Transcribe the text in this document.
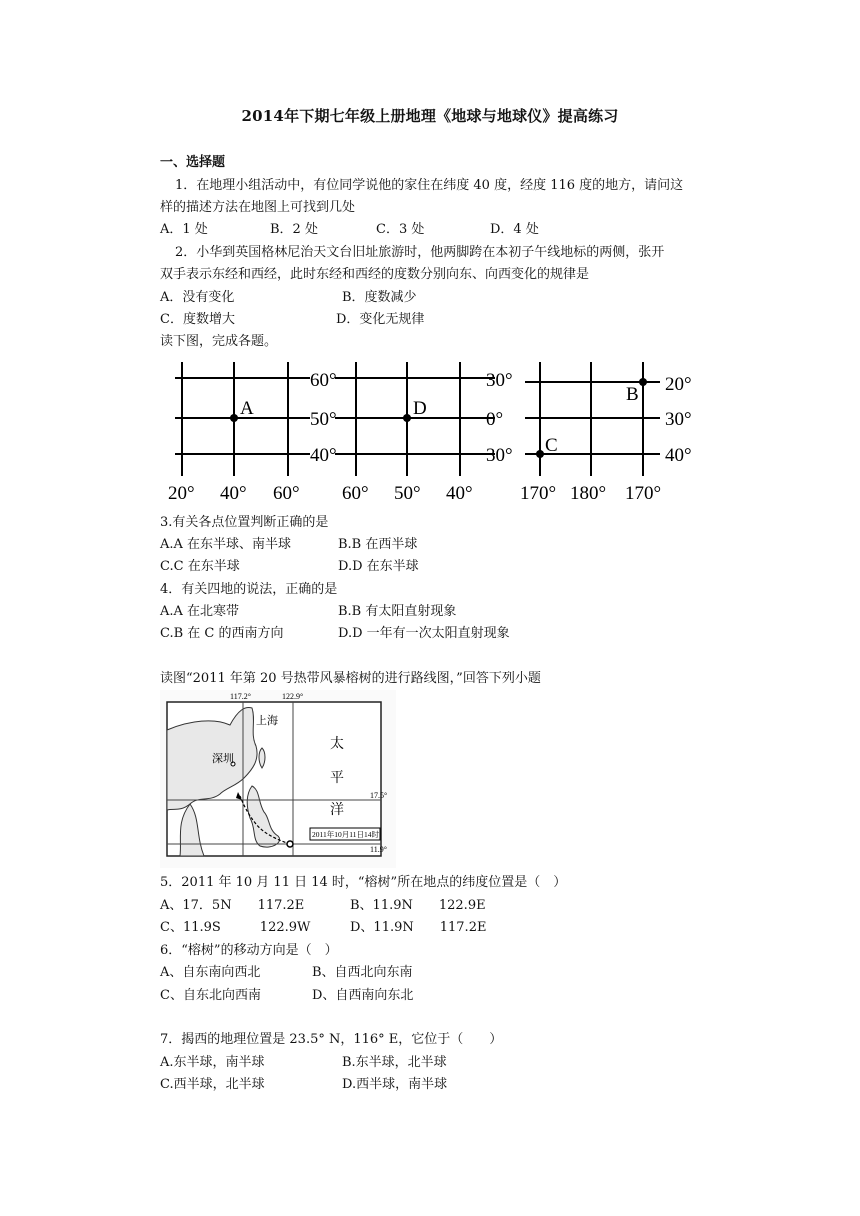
2014年下期七年级上册地理《地球与地球仪》提高练习
一、选择题
1．在地理小组活动中，有位同学说他的家住在纬度 40 度，经度 116 度的地方，请问这
样的描述方法在地图上可找到几处
A．1 处	B．2 处	C．3 处	D．4 处
2．小华到英国格林尼治天文台旧址旅游时，他两脚跨在本初子午线地标的两侧，张开
双手表示东经和西经，此时东经和西经的度数分别向东、向西变化的规律是
A．没有变化	B．度数减少
C．度数增大	D．变化无规律
读下图，完成各题。
A	D
B
C
60°
50°
40°
20° 40° 60°
30°
0°
30°
60° 50° 40°
20°
30°
40°
170° 180° 170°
3.有关各点位置判断正确的是
A.A 在东半球、南半球	B.B 在西半球
C.C 在东半球	D.D 在东半球
4．有关四地的说法，正确的是
A.A 在北寒带	B.B 有太阳直射现象
C.B 在 C 的西南方向	D.D 一年有一次太阳直射现象
读图“2011 年第 20 号热带风暴榕树的进行路线图，”回答下列小题
117.2°	122.9°
17.5°
11.9°
上海
深圳
太
平
洋
2011年10月11日14时
5．2011 年 10 月 11 日 14 时，“榕树”所在地点的纬度位置是（　）
A、17．5N　　117.2E	B、11.9N　　122.9E
C、11.9S　　　122.9W	D、11.9N　　117.2E
6．“榕树”的移动方向是（　）
A、自东南向西北	B、自西北向东南
C、自东北向西南	D、自西南向东北
7．揭西的地理位置是 23.5° N，116° E，它位于（　　）
A.东半球，南半球	B.东半球，北半球
C.西半球，北半球	D.西半球，南半球
